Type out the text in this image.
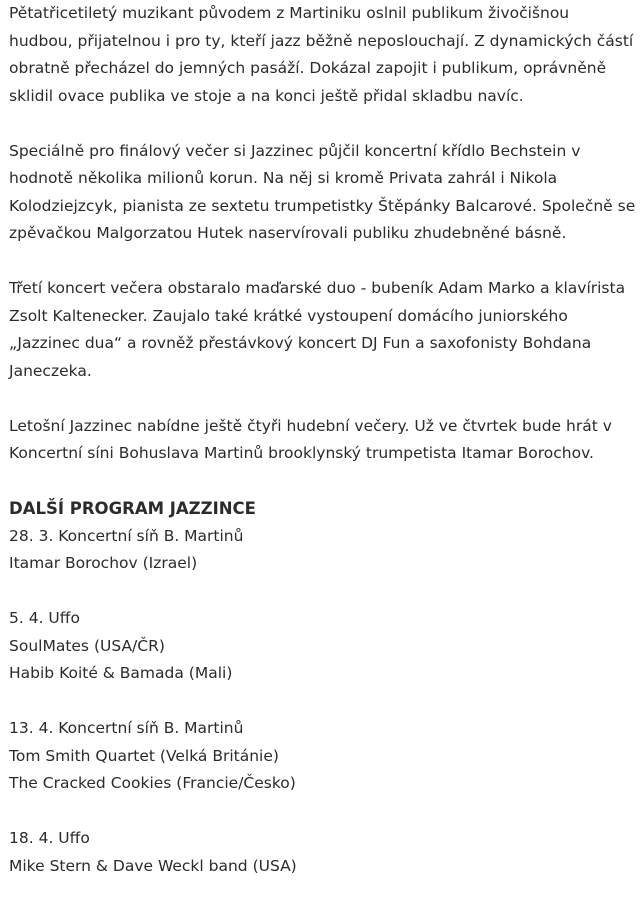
Pětatřicetiletý muzikant původem z Martiniku oslnil publikum živočišnou hudbou, přijatelnou i pro ty, kteří jazz běžně neposlouchají. Z dynamických částí obratně přecházel do jemných pasáží. Dokázal zapojit i publikum, oprávněně sklidil ovace publika ve stoje a na konci ještě přidal skladbu navíc.

Speciálně pro finálový večer si Jazzinec půjčil koncertní křídlo Bechstein v hodnotě několika milionů korun. Na něj si kromě Privata zahrál i Nikola Kolodziejzcyk, pianista ze sextetu trumpetistky Štěpánky Balcarové. Společně se zpěvačkou Malgorzatou Hutek naservírovali publiku zhudebněné básně.

Třetí koncert večera obstaralo maďarské duo - bubeník Adam Marko a klavírista Zsolt Kaltenecker. Zaujalo také krátké vystoupení domácího juniorského „Jazzinec dua“ a rovněž přestávkový koncert DJ Fun a saxofonisty Bohdana Janeczeka.

Letošní Jazzinec nabídne ještě čtyři hudební večery. Už ve čtvrtek bude hrát v Koncertní síni Bohuslava Martinů brooklynský trumpetista Itamar Borochov.

DALŠÍ PROGRAM JAZZINCE
28. 3. Koncertní síň B. Martinů
Itamar Borochov (Izrael)
5. 4. Uffo
SoulMates (USA/ČR)
Habib Koité & Bamada (Mali)
13. 4. Koncertní síň B. Martinů
Tom Smith Quartet (Velká Británie)
The Cracked Cookies (Francie/Česko)
18. 4. Uffo
Mike Stern & Dave Weckl band (USA)
